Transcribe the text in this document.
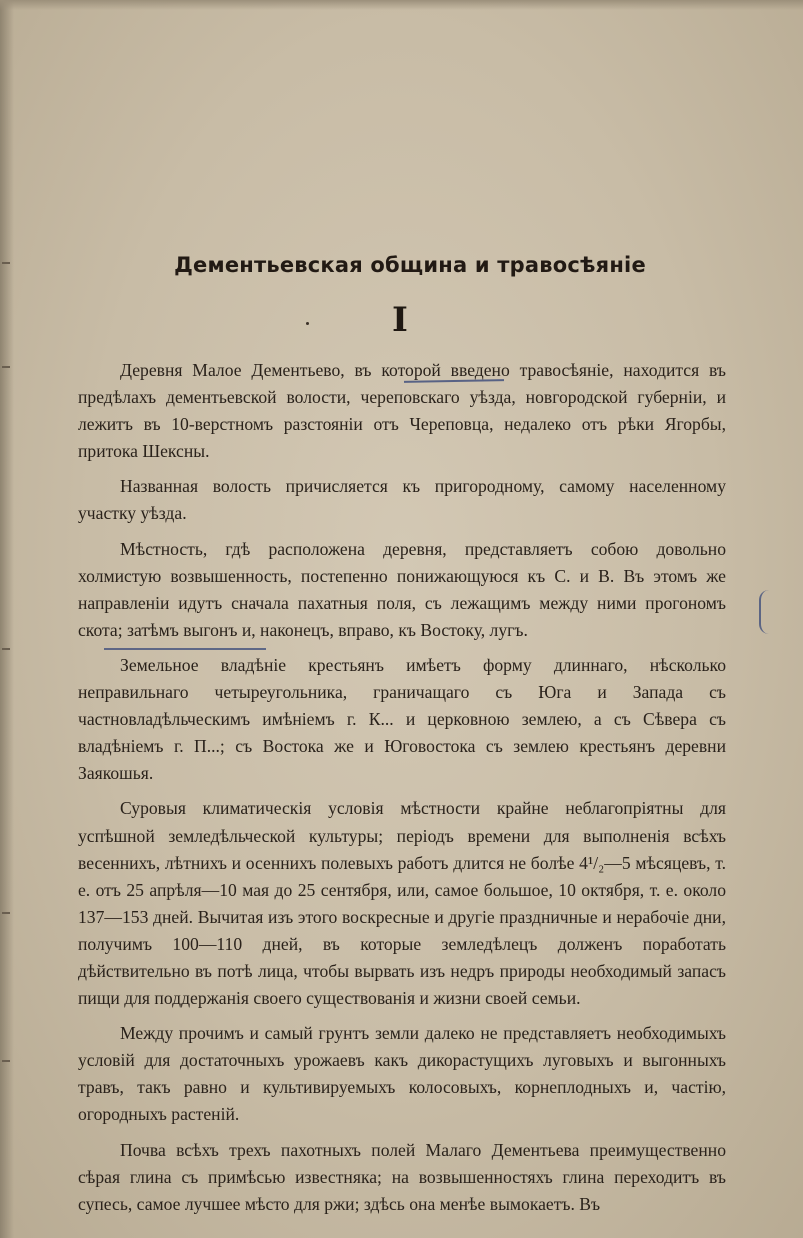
Дементьевская община и травосѣяніе
I

Деревня Малое Дементьево, въ которой введено травосѣяніе, находится въ предѣлахъ дементьевской волости, череповскаго уѣзда, новгородской губерніи, и лежитъ въ 10-верстномъ разстояніи отъ Череповца, недалеко отъ рѣки Ягорбы, притока Шексны.

Названная волость причисляется къ пригородному, самому населенному участку уѣзда.

Мѣстность, гдѣ расположена деревня, представляетъ собою довольно холмистую возвышенность, постепенно понижающуюся къ С. и В. Въ этомъ же направленіи идутъ сначала пахатныя поля, съ лежащимъ между ними прогономъ скота; затѣмъ выгонъ и, наконецъ, вправо, къ Востоку, лугъ.

Земельное владѣніе крестьянъ имѣетъ форму длиннаго, нѣсколько неправильнаго четыреугольника, граничащаго съ Юга и Запада съ частновладѣльческимъ имѣніемъ г. К... и церковною землею, а съ Сѣвера съ владѣніемъ г. П...; съ Востока же и Юговостока съ землею крестьянъ деревни Заякошья.

Суровыя климатическія условія мѣстности крайне неблагопріятны для успѣшной земледѣльческой культуры; періодъ времени для выполненія всѣхъ весеннихъ, лѣтнихъ и осеннихъ полевыхъ работъ длится не болѣе 4¹/₂—5 мѣсяцевъ, т. е. отъ 25 апрѣля—10 мая до 25 сентября, или, самое большое, 10 октября, т. е. около 137—153 дней. Вычитая изъ этого воскресные и другіе праздничные и нерабочіе дни, получимъ 100—110 дней, въ которые земледѣлецъ долженъ поработать дѣйствительно въ потѣ лица, чтобы вырвать изъ недръ природы необходимый запасъ пищи для поддержанія своего существованія и жизни своей семьи.

Между прочимъ и самый грунтъ земли далеко не представляетъ необходимыхъ условій для достаточныхъ урожаевъ какъ дикорастущихъ луговыхъ и выгонныхъ травъ, такъ равно и культивируемыхъ колосовыхъ, корнеплодныхъ и, частію, огородныхъ растеній.

Почва всѣхъ трехъ пахотныхъ полей Малаго Дементьева преимущественно сѣрая глина съ примѣсью известняка; на возвышенностяхъ глина переходитъ въ супесь, самое лучшее мѣсто для ржи; здѣсь она менѣе вымокаетъ. Въ
